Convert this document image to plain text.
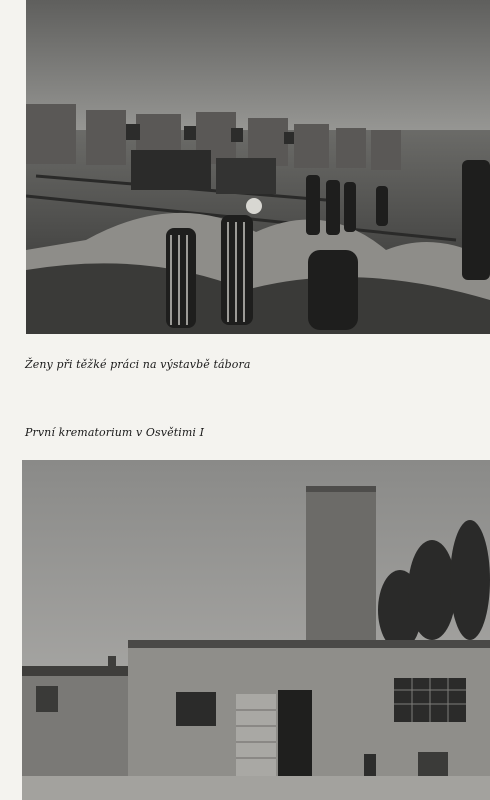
Ženy při těžké práci na výstavbě tábora
První krematorium v Osvětimi I
